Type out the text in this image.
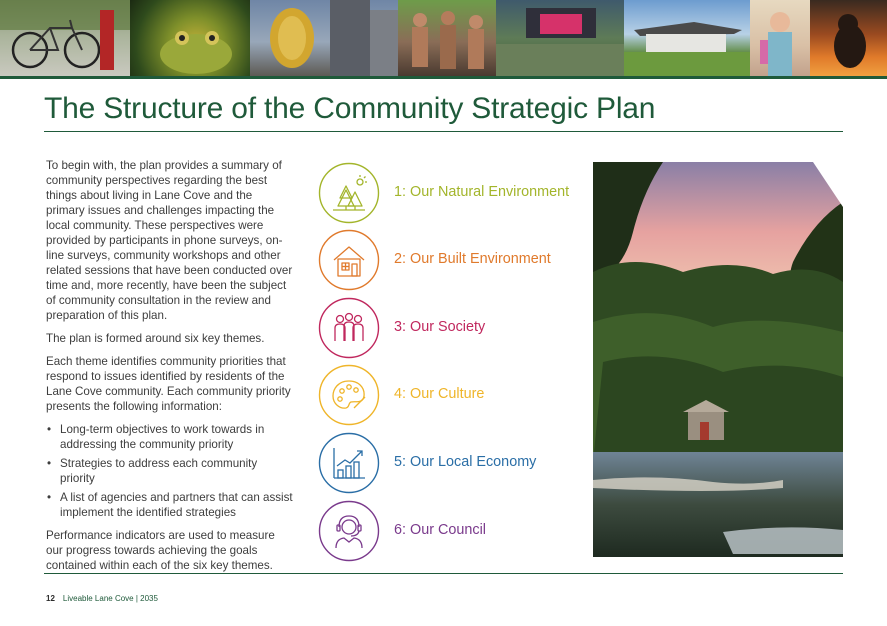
The Structure of the Community Strategic Plan

To begin with, the plan provides a summary of community perspectives regarding the best things about living in Lane Cove and the primary issues and challenges impacting the local community. These perspectives were provided by participants in phone surveys, on-line surveys, community workshops and other related sessions that have been conducted over time and, more recently, have been the subject of community consultation in the review and preparation of this plan.

The plan is formed around six key themes.

Each theme identifies community priorities that respond to issues identified by residents of the Lane Cove community. Each community priority presents the following information:

• Long-term objectives to work towards in addressing the community priority
• Strategies to address each community priority
• A list of agencies and partners that can assist implement the identified strategies

Performance indicators are used to measure our progress towards achieving the goals contained within each of the six key themes.

1: Our Natural Environment
2: Our Built Environment
3: Our Society
4: Our Culture
5: Our Local Economy
6: Our Council
12 Liveable Lane Cove | 2035
